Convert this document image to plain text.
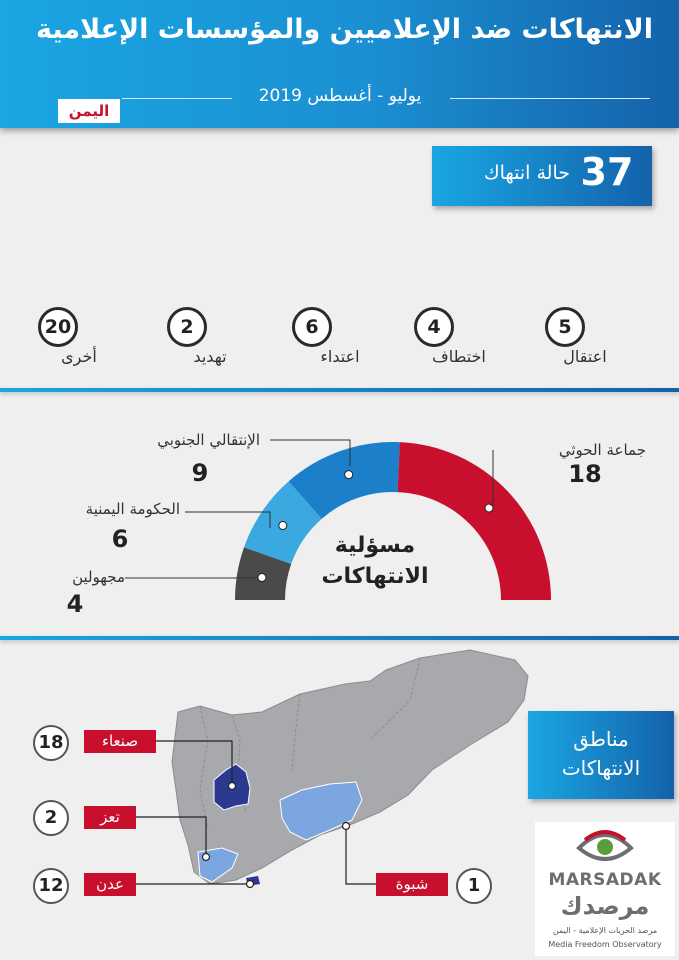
الانتهاكات ضد الإعلاميين والمؤسسات الإعلامية
يوليو - أغسطس 2019
اليمن
37
حالة انتهاك
5
اعتقال
4
اختطاف
6
اعتداء
2
تهديد
20
أخرى
مسؤلية الانتهاكات
جماعة الحوثي
18
الإنتقالي الجنوبي
9
الحكومة اليمنية
6
مجهولين
4
مناطق
الانتهاكات
صنعاء
18
تعز
2
عدن
12	شبوة	1	MARSADAK
مرصدك
مرصد الحريات الإعلامية - اليمن
Media Freedom Observatory
